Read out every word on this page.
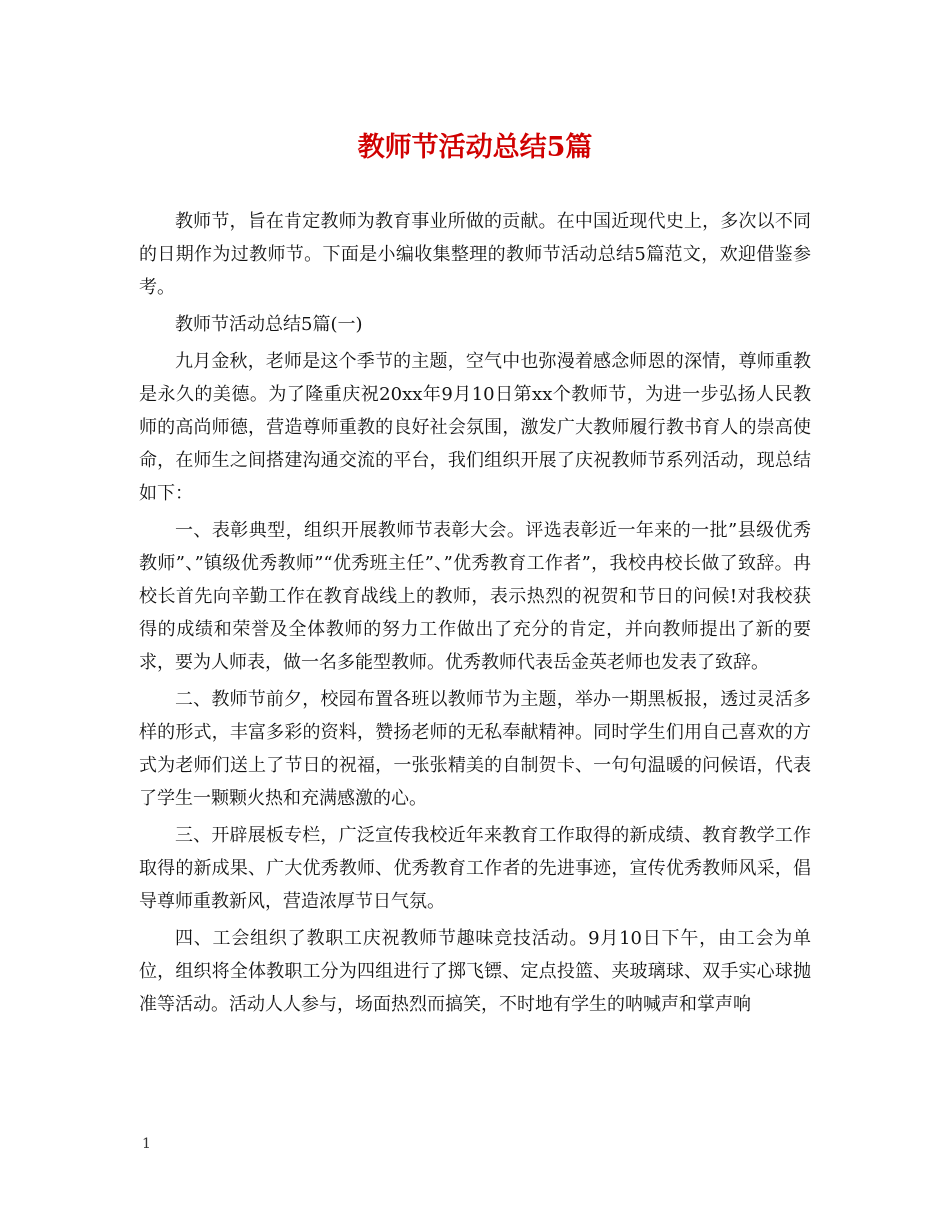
教师节活动总结5篇

教师节，旨在肯定教师为教育事业所做的贡献。在中国近现代史上，多次以不同的日期作为过教师节。下面是小编收集整理的教师节活动总结5篇范文，欢迎借鉴参考。

教师节活动总结5篇(一)

九月金秋，老师是这个季节的主题，空气中也弥漫着感念师恩的深情，尊师重教是永久的美德。为了隆重庆祝20xx年9月10日第xx个教师节，为进一步弘扬人民教师的高尚师德，营造尊师重教的良好社会氛围，激发广大教师履行教书育人的崇高使命，在师生之间搭建沟通交流的平台，我们组织开展了庆祝教师节系列活动，现总结如下：

一、表彰典型，组织开展教师节表彰大会。评选表彰近一年来的一批”县级优秀教师”、”镇级优秀教师”“优秀班主任”、”优秀教育工作者”，我校冉校长做了致辞。冉校长首先向辛勤工作在教育战线上的教师，表示热烈的祝贺和节日的问候!对我校获得的成绩和荣誉及全体教师的努力工作做出了充分的肯定，并向教师提出了新的要求，要为人师表，做一名多能型教师。优秀教师代表岳金英老师也发表了致辞。

二、教师节前夕，校园布置各班以教师节为主题，举办一期黑板报，透过灵活多样的形式，丰富多彩的资料，赞扬老师的无私奉献精神。同时学生们用自己喜欢的方式为老师们送上了节日的祝福，一张张精美的自制贺卡、一句句温暖的问候语，代表了学生一颗颗火热和充满感激的心。

三、开辟展板专栏，广泛宣传我校近年来教育工作取得的新成绩、教育教学工作取得的新成果、广大优秀教师、优秀教育工作者的先进事迹，宣传优秀教师风采，倡导尊师重教新风，营造浓厚节日气氛。

四、工会组织了教职工庆祝教师节趣味竞技活动。9月10日下午，由工会为单位，组织将全体教职工分为四组进行了掷飞镖、定点投篮、夹玻璃球、双手实心球抛准等活动。活动人人参与，场面热烈而搞笑，不时地有学生的呐喊声和掌声响

1
